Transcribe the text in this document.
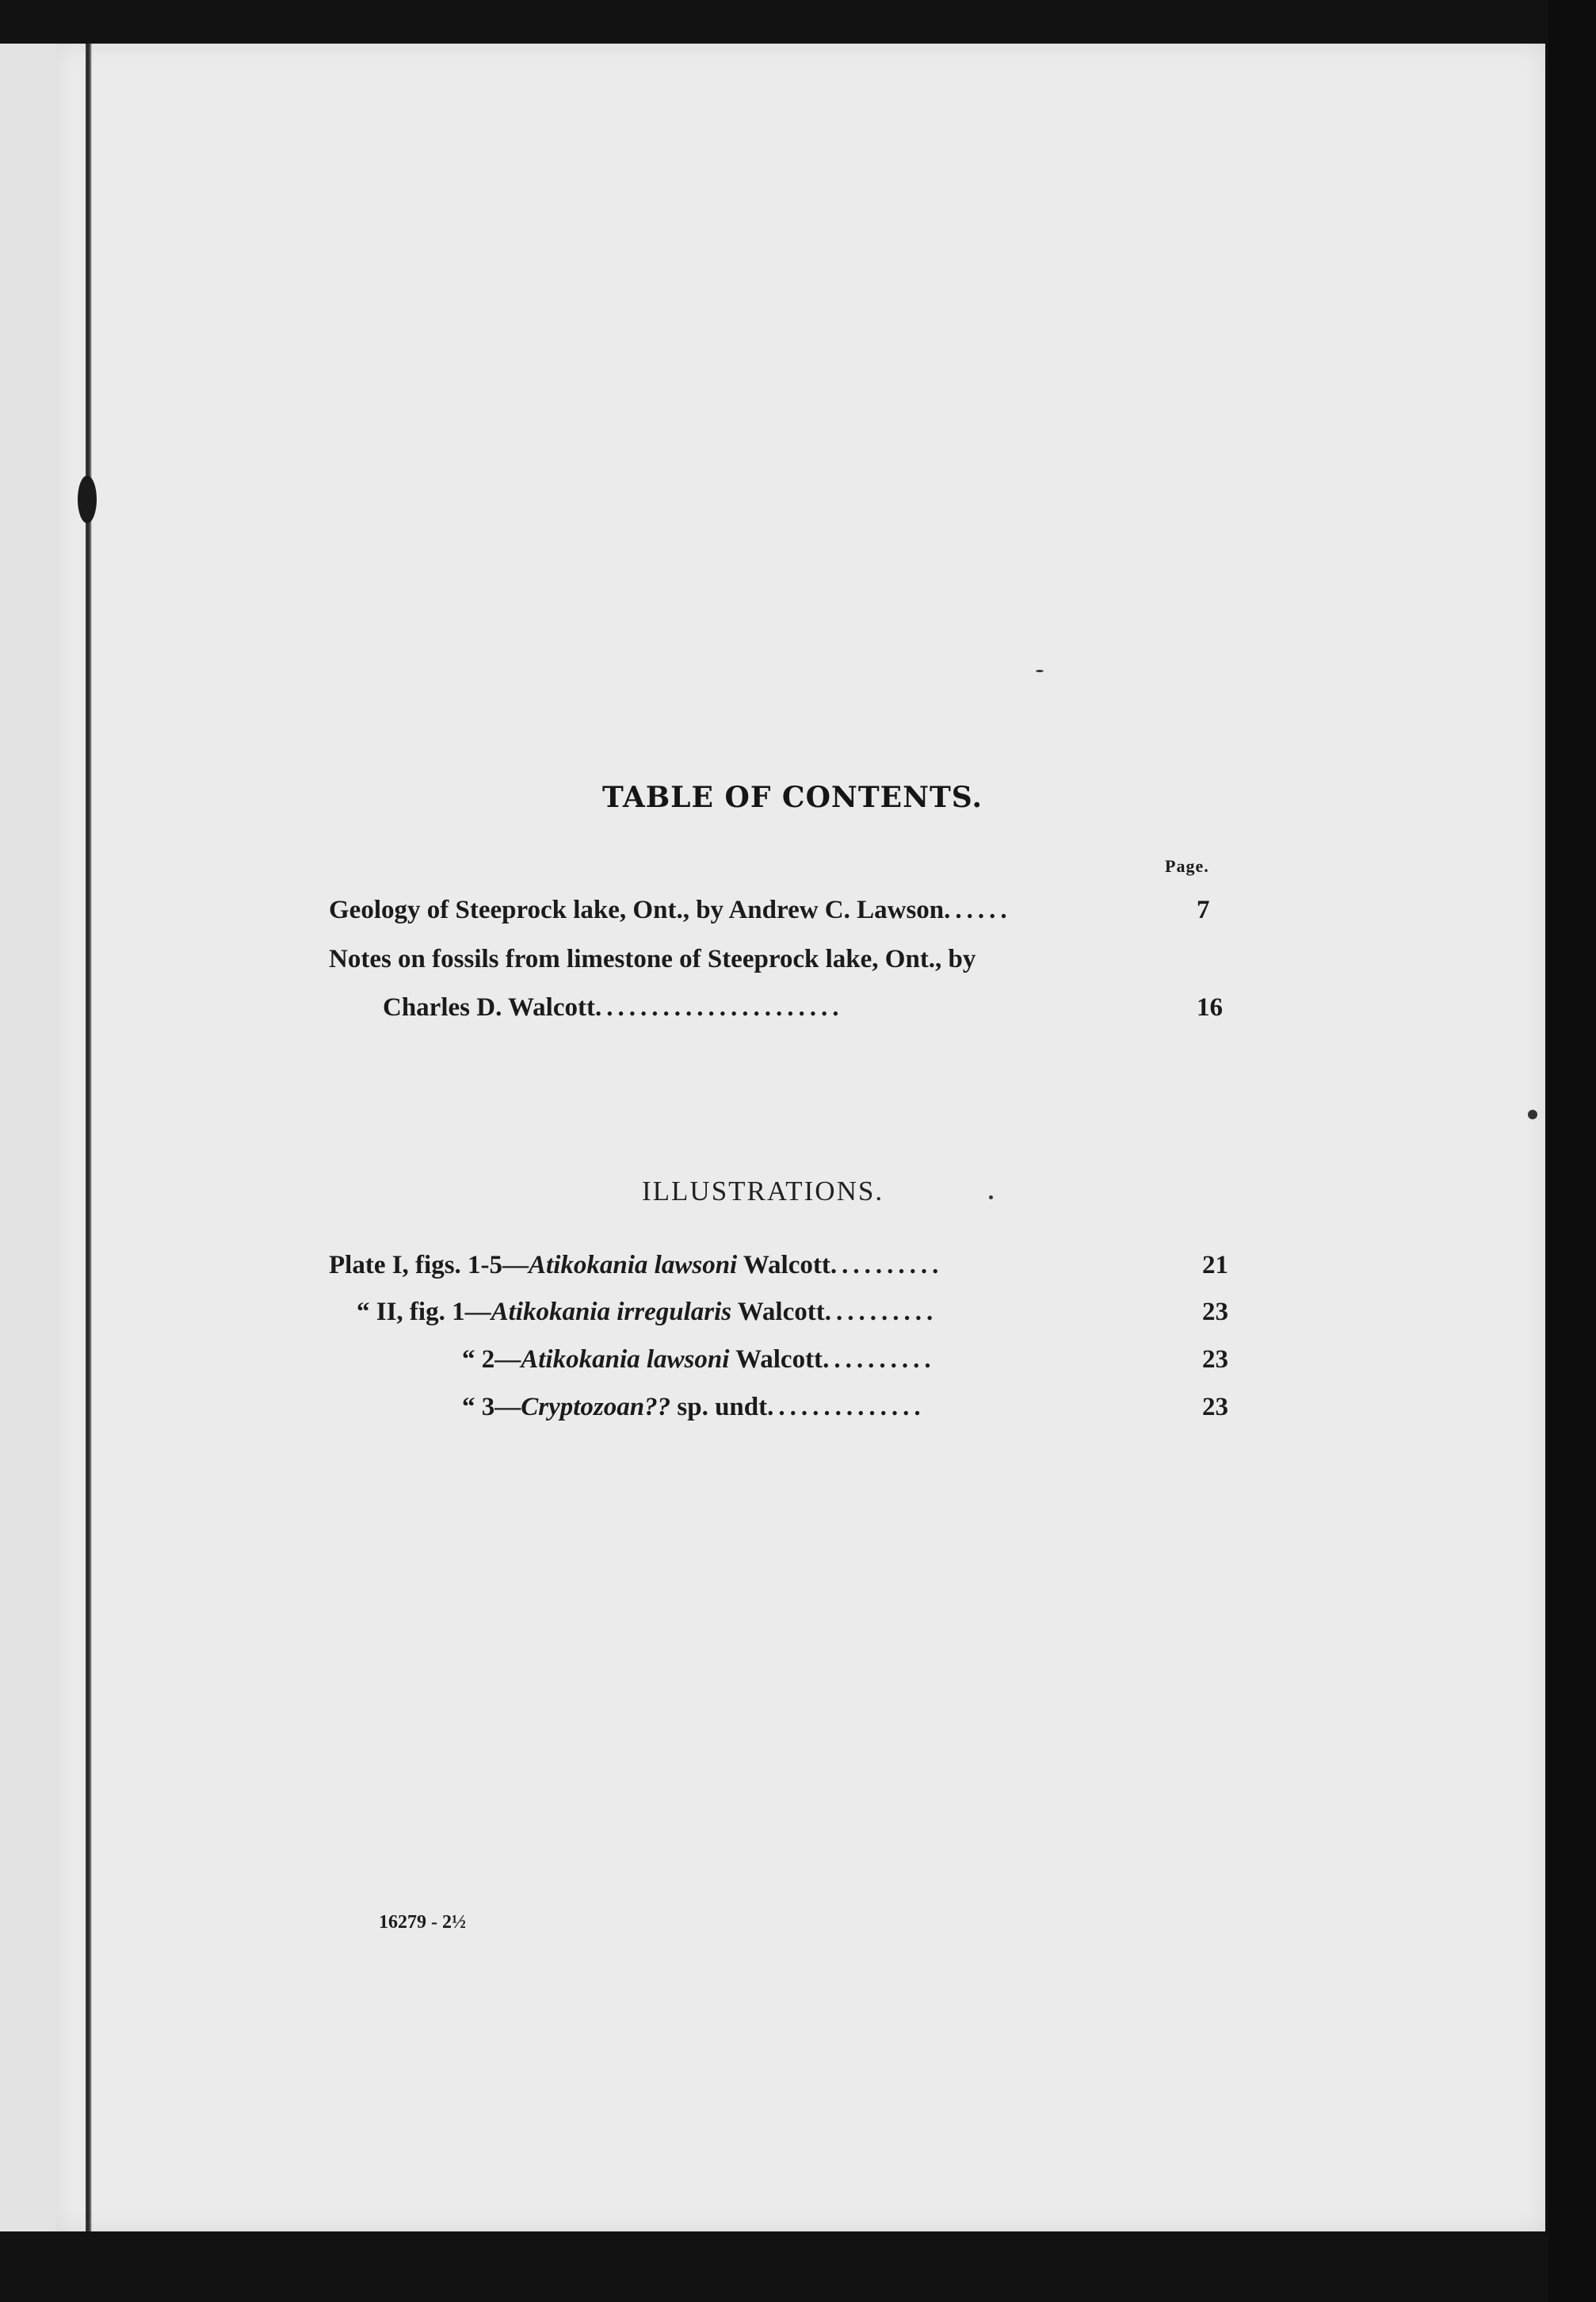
TABLE OF CONTENTS.
Page.
Geology of Steeprock lake, Ont., by Andrew C. Lawson......	7
Notes on fossils from limestone of Steeprock lake, Ont., by
Charles D. Walcott......................	16
ILLUSTRATIONS.
Plate I, figs. 1-5—Atikokania lawsoni Walcott..........	21
“ II, fig. 1—Atikokania irregularis Walcott..........	23
“ 2—Atikokania lawsoni Walcott..........	23
“ 3—Cryptozoan?? sp. undt..............	23
16279 - 2½
